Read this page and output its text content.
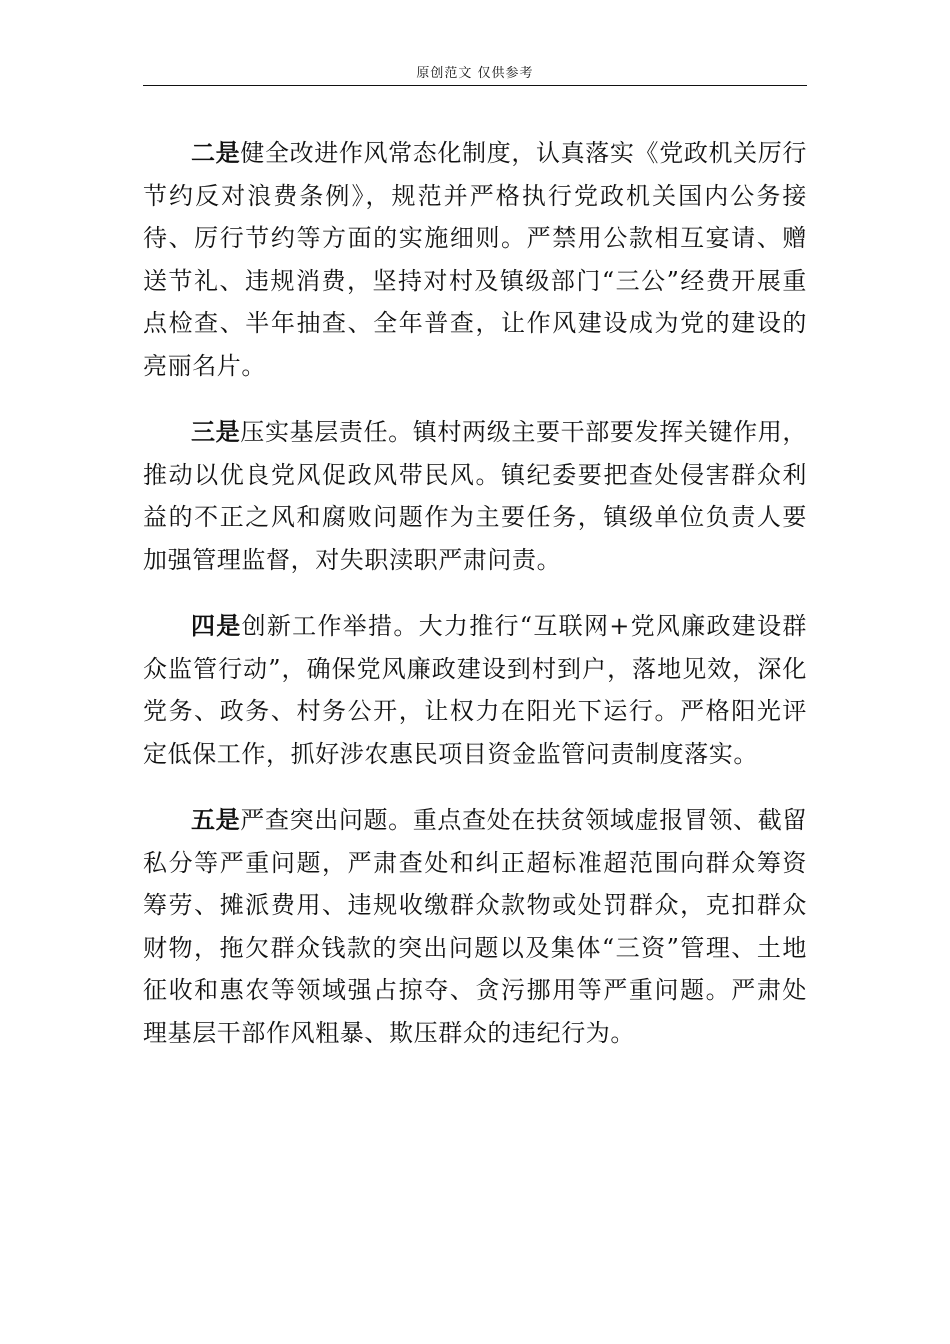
原创范文 仅供参考

二是健全改进作风常态化制度，认真落实《党政机关厉行节约反对浪费条例》，规范并严格执行党政机关国内公务接待、厉行节约等方面的实施细则。严禁用公款相互宴请、赠送节礼、违规消费，坚持对村及镇级部门“三公”经费开展重点检查、半年抽查、全年普查，让作风建设成为党的建设的亮丽名片。

三是压实基层责任。镇村两级主要干部要发挥关键作用，推动以优良党风促政风带民风。镇纪委要把查处侵害群众利益的不正之风和腐败问题作为主要任务，镇级单位负责人要加强管理监督，对失职渎职严肃问责。

四是创新工作举措。大力推行“互联网+党风廉政建设群众监管行动”，确保党风廉政建设到村到户，落地见效，深化党务、政务、村务公开，让权力在阳光下运行。严格阳光评定低保工作，抓好涉农惠民项目资金监管问责制度落实。

五是严查突出问题。重点查处在扶贫领域虚报冒领、截留私分等严重问题，严肃查处和纠正超标准超范围向群众筹资筹劳、摊派费用、违规收缴群众款物或处罚群众，克扣群众财物，拖欠群众钱款的突出问题以及集体“三资”管理、土地征收和惠农等领域强占掠夺、贪污挪用等严重问题。严肃处理基层干部作风粗暴、欺压群众的违纪行为。
